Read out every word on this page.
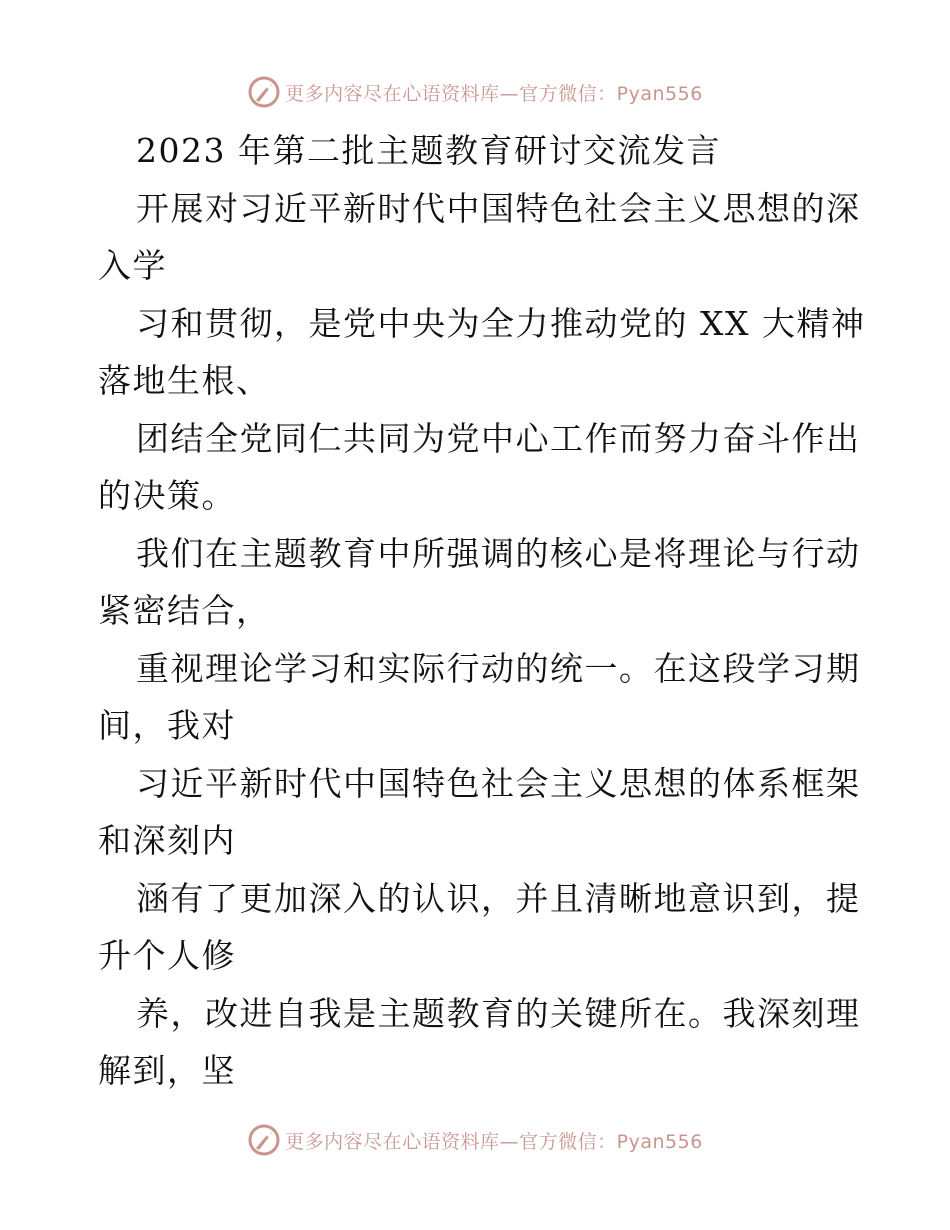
更多内容尽在心语资料库—官方微信：Pyan556
2023 年第二批主题教育研讨交流发言
开展对习近平新时代中国特色社会主义思想的深
入学
习和贯彻，是党中央为全力推动党的 XX 大精神
落地生根、
团结全党同仁共同为党中心工作而努力奋斗作出
的决策。
我们在主题教育中所强调的核心是将理论与行动
紧密结合，
重视理论学习和实际行动的统一。在这段学习期
间，我对
习近平新时代中国特色社会主义思想的体系框架
和深刻内
涵有了更加深入的认识，并且清晰地意识到，提
升个人修
养，改进自我是主题教育的关键所在。我深刻理
解到，坚
更多内容尽在心语资料库—官方微信：Pyan556
